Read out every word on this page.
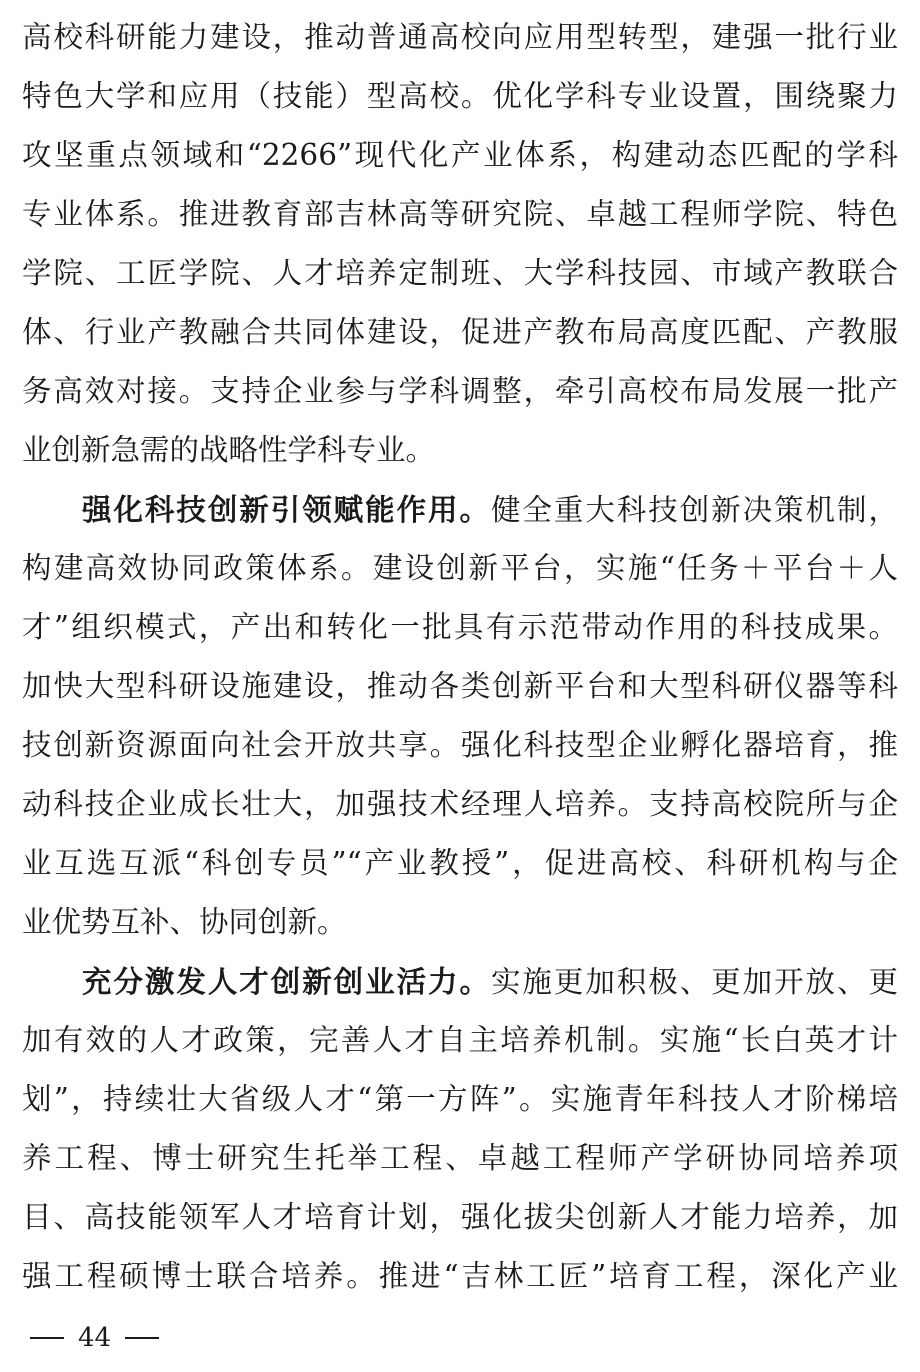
高校科研能力建设，推动普通高校向应用型转型，建强一批行业
特色大学和应用（技能）型高校。优化学科专业设置，围绕聚力
攻坚重点领域和“2266”现代化产业体系，构建动态匹配的学科
专业体系。推进教育部吉林高等研究院、卓越工程师学院、特色
学院、工匠学院、人才培养定制班、大学科技园、市域产教联合
体、行业产教融合共同体建设，促进产教布局高度匹配、产教服
务高效对接。支持企业参与学科调整，牵引高校布局发展一批产
业创新急需的战略性学科专业。
强化科技创新引领赋能作用。健全重大科技创新决策机制，
构建高效协同政策体系。建设创新平台，实施“任务＋平台＋人
才”组织模式，产出和转化一批具有示范带动作用的科技成果。
加快大型科研设施建设，推动各类创新平台和大型科研仪器等科
技创新资源面向社会开放共享。强化科技型企业孵化器培育，推
动科技企业成长壮大，加强技术经理人培养。支持高校院所与企
业互选互派“科创专员”“产业教授”，促进高校、科研机构与企
业优势互补、协同创新。
充分激发人才创新创业活力。实施更加积极、更加开放、更
加有效的人才政策，完善人才自主培养机制。实施“长白英才计
划”，持续壮大省级人才“第一方阵”。实施青年科技人才阶梯培
养工程、博士研究生托举工程、卓越工程师产学研协同培养项
目、高技能领军人才培育计划，强化拔尖创新人才能力培养，加
强工程硕博士联合培养。推进“吉林工匠”培育工程，深化产业
44
